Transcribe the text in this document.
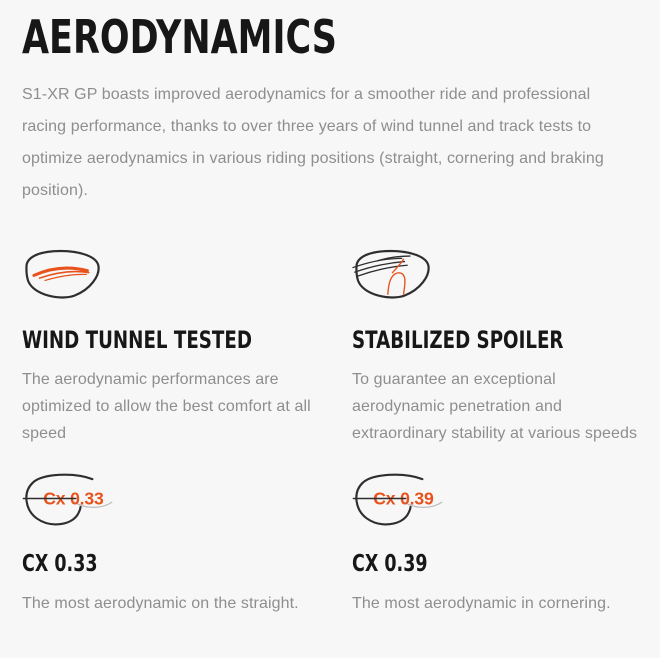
AERODYNAMICS

S1-XR GP boasts improved aerodynamics for a smoother ride and professional racing performance, thanks to over three years of wind tunnel and track tests to optimize aerodynamics in various riding positions (straight, cornering and braking position).

WIND TUNNEL TESTED

The aerodynamic performances are optimized to allow the best comfort at all speed

STABILIZED SPOILER

To guarantee an exceptional aerodynamic penetration and extraordinary stability at various speeds

Cx 0.33
CX 0.33

The most aerodynamic on the straight.

Cx 0.39
CX 0.39

The most aerodynamic in cornering.
